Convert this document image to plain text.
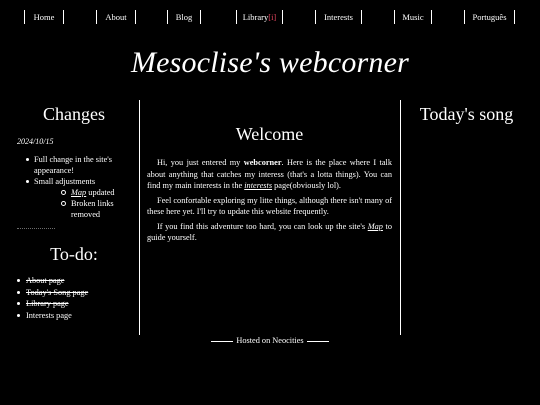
Home	About	Blog	Library[i]	Interests	Music	Português
Mesoclise's webcorner
Changes
2024/10/15
Full change in the site's appearance!
Small adjustments
Map updated
Broken links removed
To-do:
About page
Today's Song page
Library page
Interests page
Welcome

Hi, you just entered my webcorner. Here is the place where I talk about anything that catches my interess (that's a lotta things). You can find my main interests in the interests page(obviously lol).

Feel confortable exploring my litte things, although there isn't many of these here yet. I'll try to update this website frequently.

If you find this adventure too hard, you can look up the site's Map to guide yourself.

Today's song
Hosted on Neocities
